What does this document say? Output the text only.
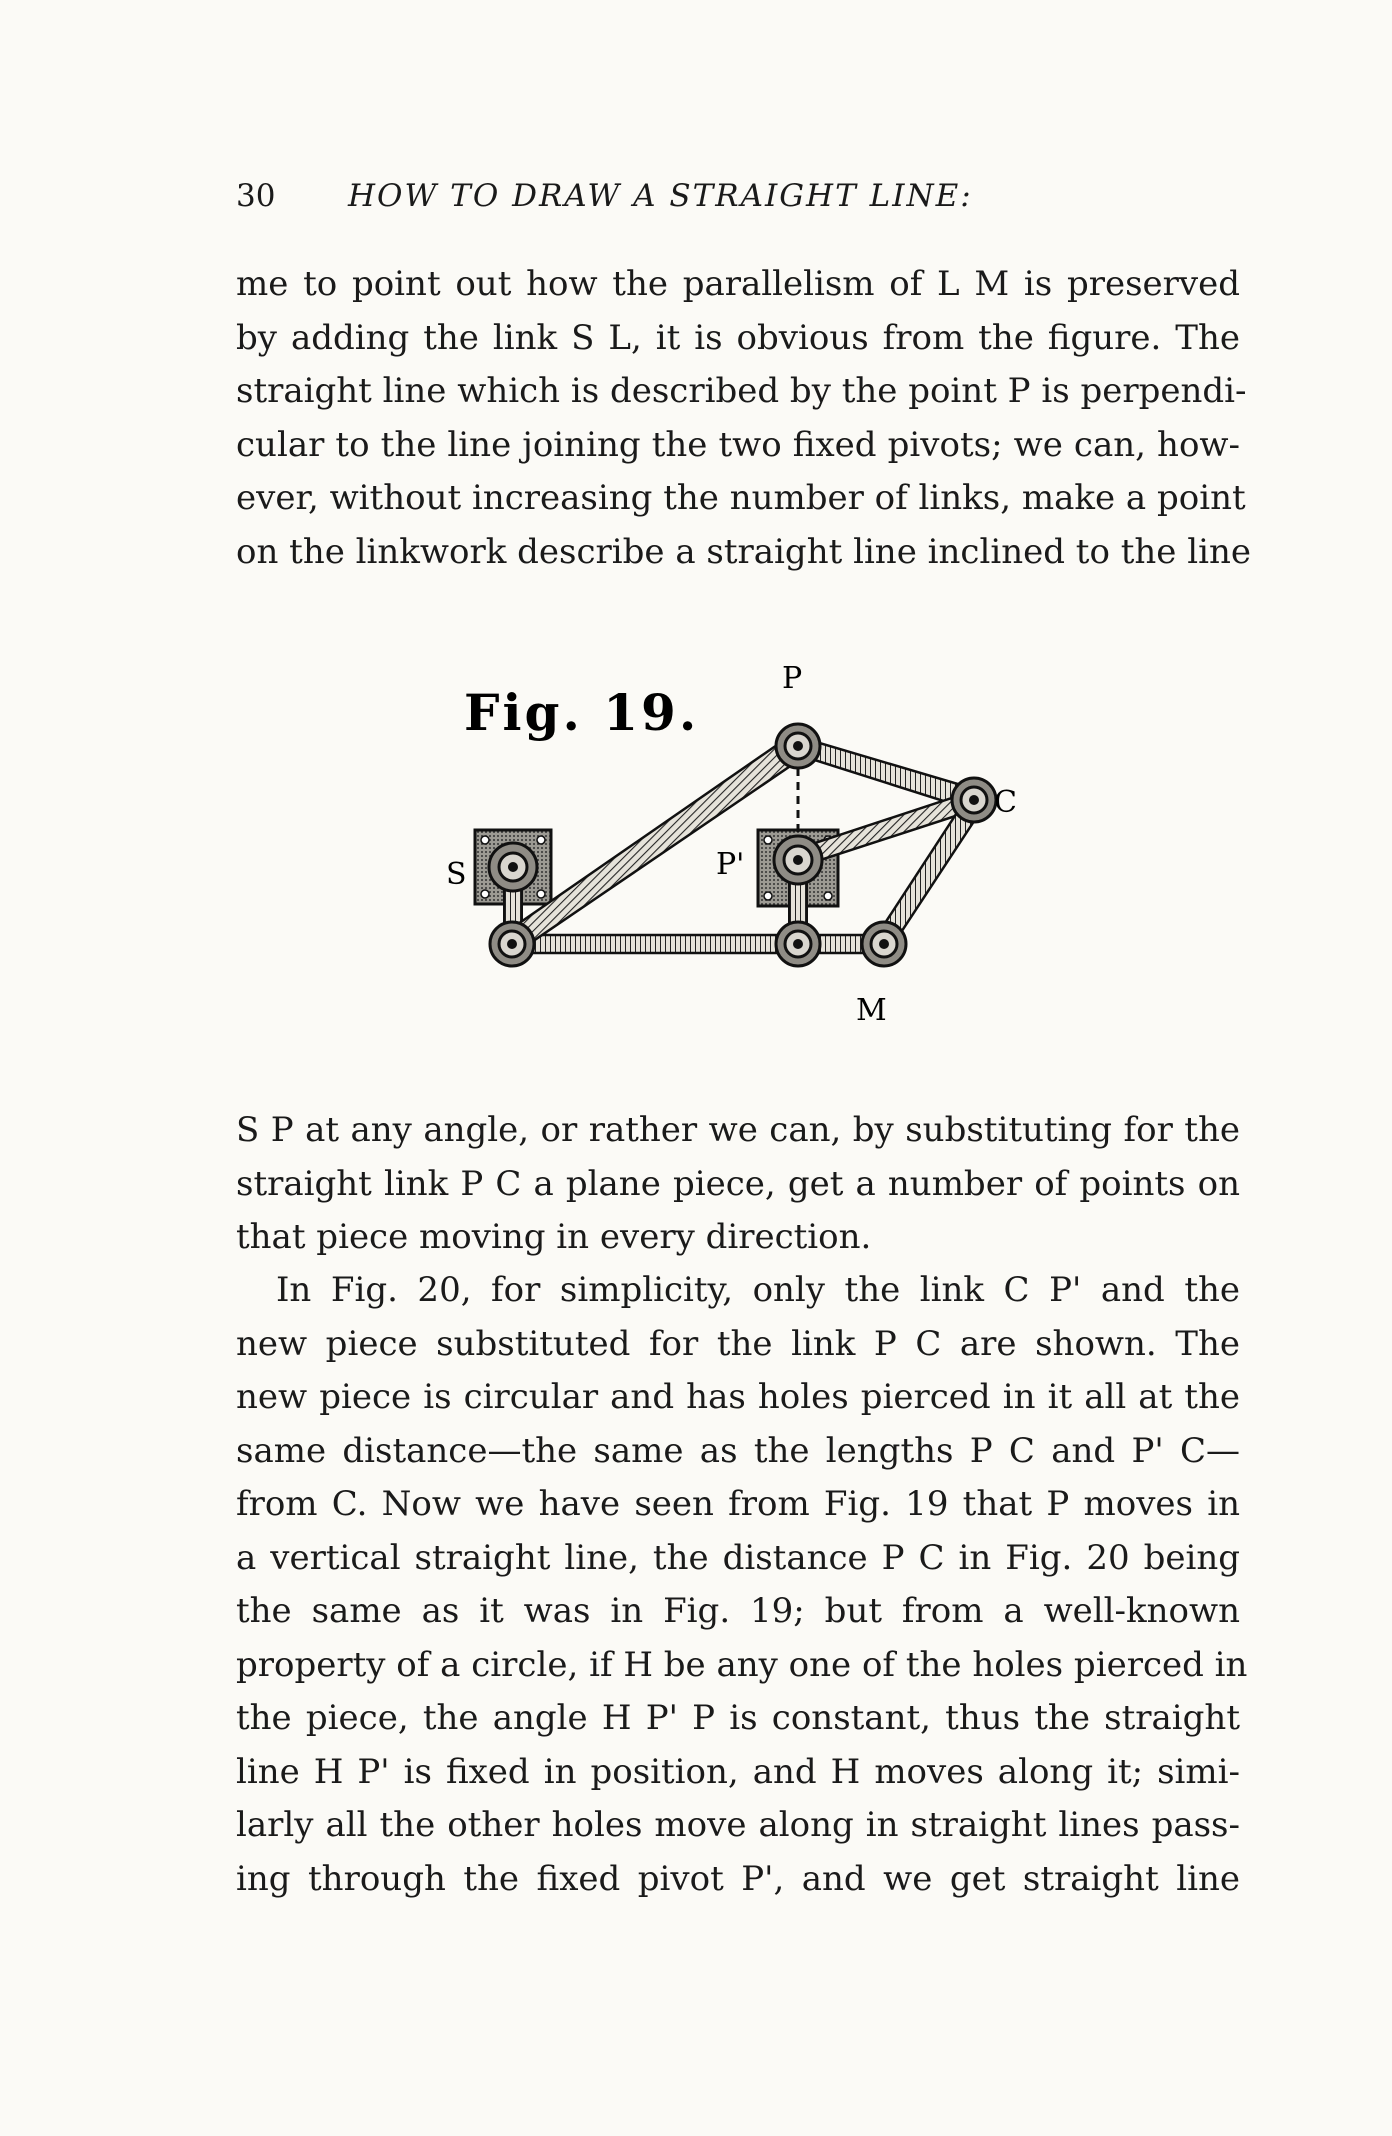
30 HOW TO DRAW A STRAIGHT LINE:
me to point out how the parallelism of L M is preserved
by adding the link S L, it is obvious from the figure. The
straight line which is described by the point P is perpendi-
cular to the line joining the two fixed pivots; we can, how-
ever, without increasing the number of links, make a point
on the linkwork describe a straight line inclined to the line
Fig. 19.
P
C
S	P'
M
S P at any angle, or rather we can, by substituting for the
straight link P C a plane piece, get a number of points on
that piece moving in every direction.
In Fig. 20, for simplicity, only the link C P' and the
new piece substituted for the link P C are shown. The
new piece is circular and has holes pierced in it all at the
same distance—the same as the lengths P C and P' C—
from C. Now we have seen from Fig. 19 that P moves in
a vertical straight line, the distance P C in Fig. 20 being
the same as it was in Fig. 19; but from a well-known
property of a circle, if H be any one of the holes pierced in
the piece, the angle H P' P is constant, thus the straight
line H P' is fixed in position, and H moves along it; simi-
larly all the other holes move along in straight lines pass-
ing through the fixed pivot P', and we get straight line
